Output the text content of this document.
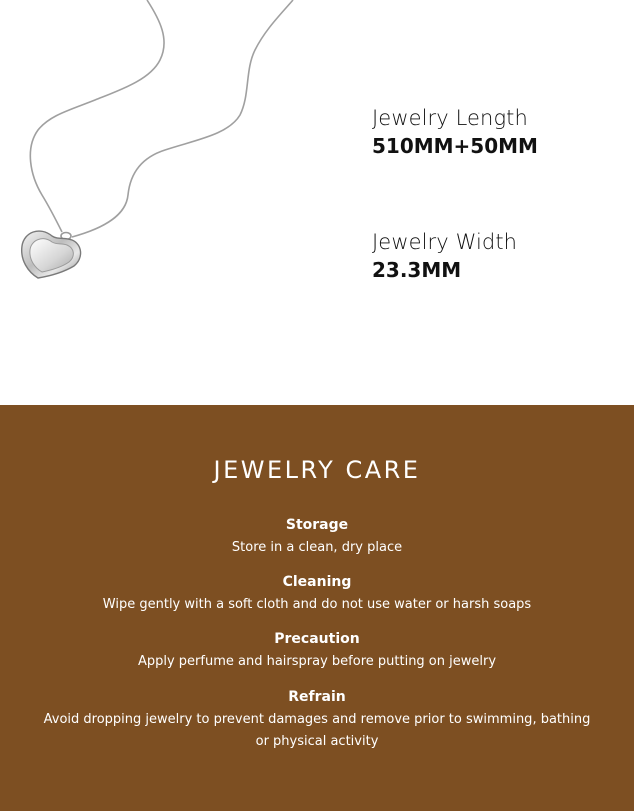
Jewelry Length
510MM+50MM
Jewelry Width
23.3MM
JEWELRY CARE
Storage
Store in a clean, dry place
Cleaning
Wipe gently with a soft cloth and do not use water or harsh soaps
Precaution
Apply perfume and hairspray before putting on jewelry
Refrain
Avoid dropping jewelry to prevent damages and remove prior to swimming, bathing or physical activity
